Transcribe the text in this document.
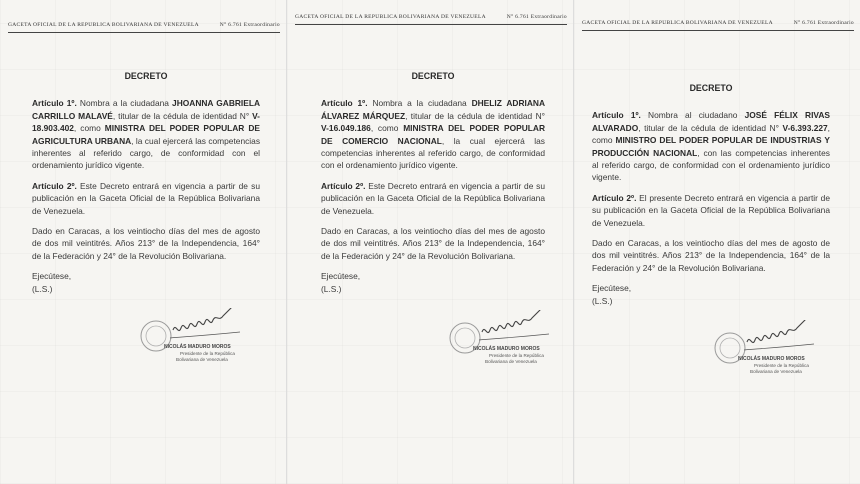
GACETA OFICIAL DE LA REPÚBLICA BOLIVARIANA DE VENEZUELA	N° 6.761 Extraordinario
DECRETO

Artículo 1º. Nombra a la ciudadana JHOANNA GABRIELA CARRILLO MALAVÉ, titular de la cédula de identidad N° V-18.903.402, como MINISTRA DEL PODER POPULAR DE AGRICULTURA URBANA, la cual ejercerá las competencias inherentes al referido cargo, de conformidad con el ordenamiento jurídico vigente.

Artículo 2º. Este Decreto entrará en vigencia a partir de su publicación en la Gaceta Oficial de la República Bolivariana de Venezuela.

Dado en Caracas, a los veintiocho días del mes de agosto de dos mil veintitrés. Años 213° de la Independencia, 164° de la Federación y 24° de la Revolución Bolivariana.

Ejecútese,

(L.S.)

NICOLÁS MADURO MOROS
Presidente de la República
Bolivariana de Venezuela
GACETA OFICIAL DE LA REPÚBLICA BOLIVARIANA DE VENEZUELA	N° 6.761 Extraordinario
DECRETO

Artículo 1º. Nombra a la ciudadana DHELIZ ADRIANA ÁLVAREZ MÁRQUEZ, titular de la cédula de identidad N° V-16.049.186, como MINISTRA DEL PODER POPULAR DE COMERCIO NACIONAL, la cual ejercerá las competencias inherentes al referido cargo, de conformidad con el ordenamiento jurídico vigente.

Artículo 2º. Este Decreto entrará en vigencia a partir de su publicación en la Gaceta Oficial de la República Bolivariana de Venezuela.

Dado en Caracas, a los veintiocho días del mes de agosto de dos mil veintitrés. Años 213° de la Independencia, 164° de la Federación y 24° de la Revolución Bolivariana.

Ejecútese,

(L.S.)

NICOLÁS MADURO MOROS
Presidente de la República
Bolivariana de Venezuela
GACETA OFICIAL DE LA REPÚBLICA BOLIVARIANA DE VENEZUELA	N° 6.761 Extraordinario
DECRETO

Artículo 1º. Nombra al ciudadano JOSÉ FÉLIX RIVAS ALVARADO, titular de la cédula de identidad N° V-6.393.227, como MINISTRO DEL PODER POPULAR DE INDUSTRIAS Y PRODUCCIÓN NACIONAL, con las competencias inherentes al referido cargo, de conformidad con el ordenamiento jurídico vigente.

Artículo 2º. El presente Decreto entrará en vigencia a partir de su publicación en la Gaceta Oficial de la República Bolivariana de Venezuela.

Dado en Caracas, a los veintiocho días del mes de agosto de dos mil veintitrés. Años 213° de la Independencia, 164° de la Federación y 24° de la Revolución Bolivariana.

Ejecútese,

(L.S.)

NICOLÁS MADURO MOROS
Presidente de la República
Bolivariana de Venezuela
